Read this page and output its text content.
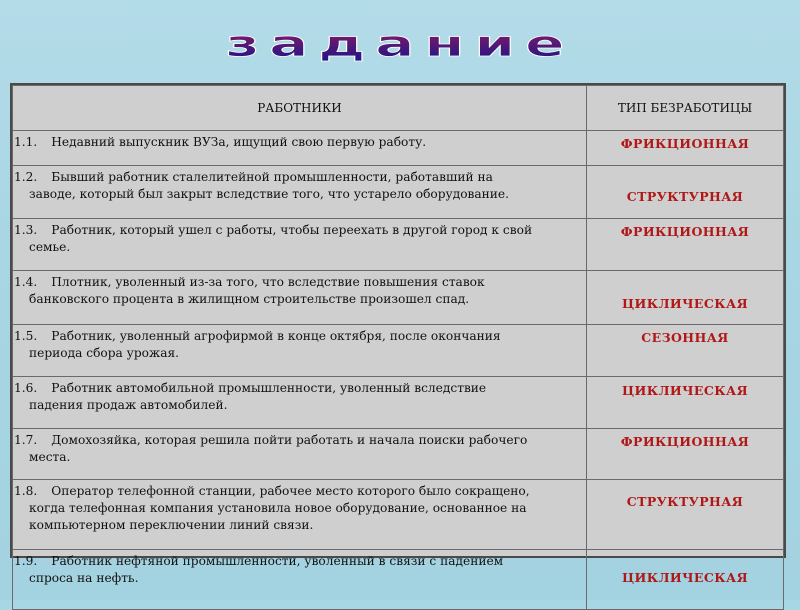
задание
РАБОТНИКИ	ТИП БЕЗРАБОТИЦЫ

1.1. Недавний выпускник ВУЗа, ищущий свою первую работу.	ФРИКЦИОННАЯ

1.2. Бывший работник сталелитейной промышленности, работавший на
заводе, который был закрыт вследствие того, что устарело оборудование.	СТРУКТУРНАЯ

1.3. Работник, который ушел с работы, чтобы переехать в другой город к свой
семье.	ФРИКЦИОННАЯ

1.4. Плотник, уволенный из-за того, что вследствие повышения ставок
банковского процента в жилищном строительстве произошел спад.	ЦИКЛИЧЕСКАЯ

1.5. Работник, уволенный агрофирмой в конце октября, после окончания
периода сбора урожая.	СЕЗОННАЯ

1.6. Работник автомобильной промышленности, уволенный вследствие
падения продаж автомобилей.	ЦИКЛИЧЕСКАЯ

1.7. Домохозяйка, которая решила пойти работать и начала поиски рабочего
места.	ФРИКЦИОННАЯ

1.8. Оператор телефонной станции, рабочее место которого было сокращено,
когда телефонная компания установила новое оборудование, основанное на
компьютерном переключении линий связи.	СТРУКТУРНАЯ

1.9. Работник нефтяной промышленности, уволенный в связи с падением
спроса на нефть.	ЦИКЛИЧЕСКАЯ
